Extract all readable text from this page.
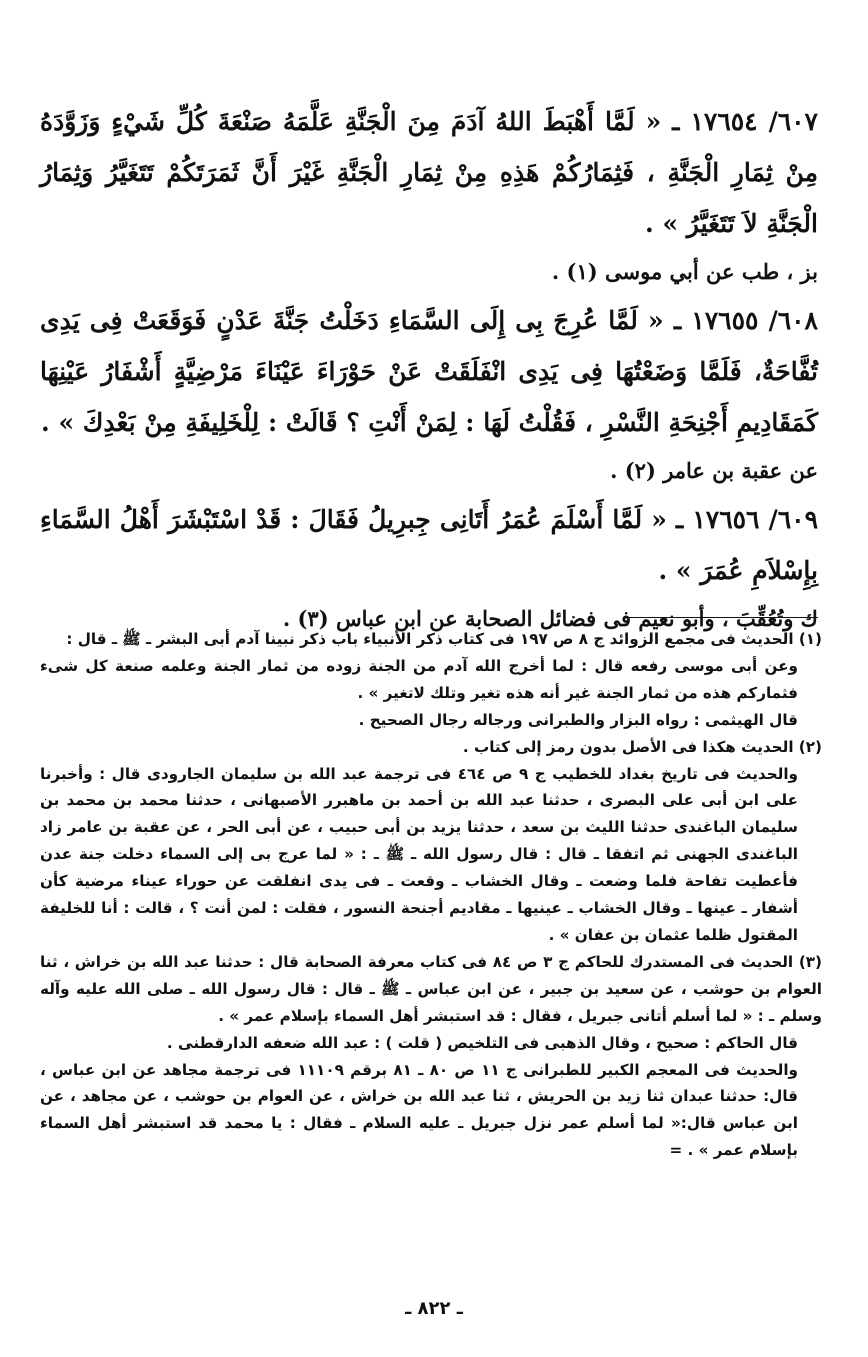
٦٠٧/ ١٧٦٥٤ ـ « لَمَّا أَهْبَطَ اللهُ آدَمَ مِنَ الْجَنَّةِ عَلَّمَهُ صَنْعَةَ كُلِّ شَيْءٍ وَزَوَّدَهُ مِنْ ثِمَارِ الْجَنَّةِ ، فَثِمَارُكُمْ هَذِهِ مِنْ ثِمَارِ الْجَنَّةِ غَيْرَ أَنَّ ثَمَرَتَكُمْ تَتَغَيَّرُ وَثِمَارُ الْجَنَّةِ لاَ تَتَغَيَّرُ » .

بز ، طب عن أبي موسى (١) .

٦٠٨/ ١٧٦٥٥ ـ « لَمَّا عُرِجَ بِى إِلَى السَّمَاءِ دَخَلْتُ جَنَّةَ عَدْنٍ فَوَقَعَتْ فِى يَدِى تُفَّاحَةٌ، فَلَمَّا وَضَعْتُهَا فِى يَدِى انْفَلَقَتْ عَنْ حَوْرَاءَ عَيْنَاءَ مَرْضِيَّةٍ أَشْفَارُ عَيْنِهَا كَمَقَادِيمِ أَجْنِحَةِ النَّسْرِ ، فَقُلْتُ لَهَا : لِمَنْ أَنْتِ ؟ قَالَتْ : لِلْخَلِيفَةِ مِنْ بَعْدِكَ » .

عن عقبة بن عامر (٢) .

٦٠٩/ ١٧٦٥٦ ـ « لَمَّا أَسْلَمَ عُمَرُ أَتَانِى جِبرِيلُ فَقَالَ : قَدْ اسْتَبْشَرَ أَهْلُ السَّمَاءِ بِإِسْلاَمِ عُمَرَ » .

ك وتُعُقِّبَ ، وأبو نعيم فى فضائل الصحابة عن ابن عباس (٣) .

(١) الحديث فى مجمع الزوائد ج ٨ ص ١٩٧ فى كتاب ذكر الأنبياء باب ذكر نبينا آدم أبى البشر ـ ﷺ ـ قال :
وعن أبى موسى رفعه قال : لما أخرج الله آدم من الجنة زوده من ثمار الجنة وعلمه صنعة كل شىء فثماركم هذه من ثمار الجنة غير أنه هذه تغير وتلك لاتغير » .
قال الهيثمى : رواه البزار والطبرانى ورجاله رجال الصحيح .

(٢) الحديث هكذا فى الأصل بدون رمز إلى كتاب .
والحديث فى تاريخ بغداد للخطيب ج ٩ ص ٤٦٤ فى ترجمة عبد الله بن سليمان الجارودى قال : وأخبرنا على ابن أبى على البصرى ، حدثنا عبد الله بن أحمد بن ماهبرر الأصبهانى ، حدثنا محمد بن محمد بن سليمان الباغندى حدثنا الليث بن سعد ، حدثنا يزيد بن أبى حبيب ، عن أبى الحر ، عن عقبة بن عامر زاد الباغندى الجهنى ثم اتفقا ـ قال : قال رسول الله ـ ﷺ ـ : « لما عرج بى إلى السماء دخلت جنة عدن فأعطيت تفاحة فلما وضعت ـ وقال الخشاب ـ وقعت ـ فى يدى انفلقت عن حوراء عيناء مرضية كأن أشفار ـ عينها ـ وقال الخشاب ـ عينيها ـ مقاديم أجنحة النسور ، فقلت : لمن أنت ؟ ، قالت : أنا للخليفة المقتول ظلما عثمان بن عفان » .

(٣) الحديث فى المستدرك للحاكم ج ٣ ص ٨٤ فى كتاب معرفة الصحابة قال : حدثنا عبد الله بن خراش ، ثنا العوام بن حوشب ، عن سعيد بن جبير ، عن ابن عباس ـ ﷺ ـ قال : قال رسول الله ـ صلى الله عليه وآله وسلم ـ : « لما أسلم أتانى جبريل ، فقال : قد استبشر أهل السماء بإسلام عمر » .
قال الحاكم : صحيح ، وقال الذهبى فى التلخيص ( قلت ) : عبد الله ضعفه الدارقطنى .
والحديث فى المعجم الكبير للطبرانى ج ١١ ص ٨٠ ـ ٨١ برقم ١١١٠٩ فى ترجمة مجاهد عن ابن عباس ، قال: حدثنا عبدان ثنا زيد بن الحريش ، ثنا عبد الله بن خراش ، عن العوام بن حوشب ، عن مجاهد ، عن ابن عباس قال:« لما أسلم عمر نزل جبريل ـ عليه السلام ـ فقال : يا محمد قد استبشر أهل السماء بإسلام عمر » . =

ـ ٨٢٢ ـ
